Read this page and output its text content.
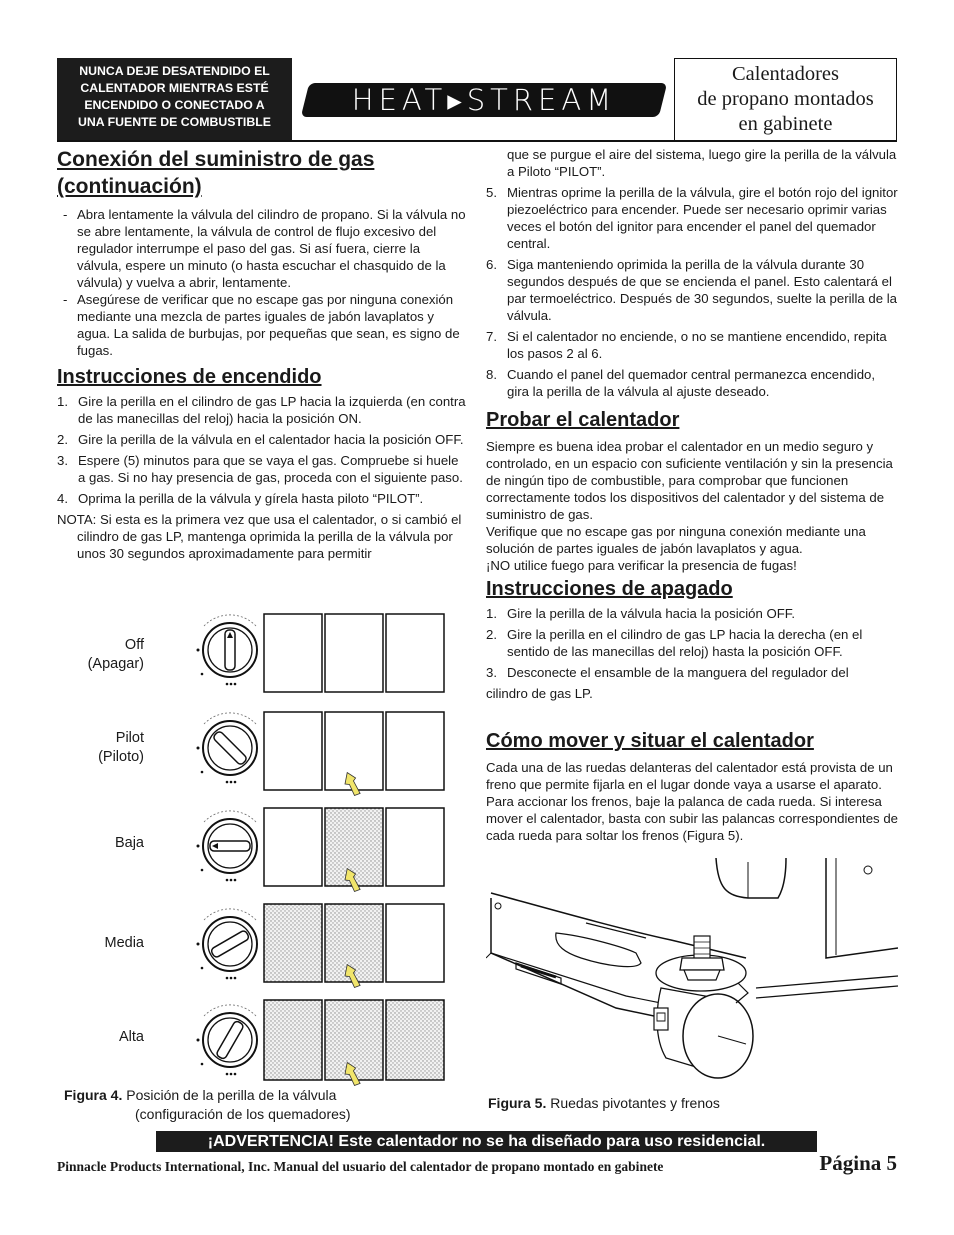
NUNCA DEJE DESATENDIDO EL
CALENTADOR MIENTRAS ESTÉ
ENCENDIDO O CONECTADO A
UNA FUENTE DE COMBUSTIBLE
HEAT▸STREAM
Calentadores
de propano montados
en gabinete
Conexión del suministro de gas
(continuación)
- Abra lentamente la válvula del cilindro de propano. Si la válvula no se abre lentamente, la válvula de control de flujo excesivo del regulador interrumpe el paso del gas. Si así fuera, cierre la válvula, espere un minuto (o hasta escuchar el chasquido de la válvula) y vuelva a abrir, lentamente.
- Asegúrese de verificar que no escape gas por ninguna conexión mediante una mezcla de partes iguales de jabón lavaplatos y agua. La salida de burbujas, por pequeñas que sean, es signo de fugas.
Instrucciones de encendido
1. Gire la perilla en el cilindro de gas LP hacia la izquierda (en contra de las manecillas del reloj) hacia la posición ON.
2. Gire la perilla de la válvula en el calentador hacia la posición OFF.
3. Espere (5) minutos para que se vaya el gas. Compruebe si huele a gas. Si no hay presencia de gas, proceda con el siguiente paso.
4. Oprima la perilla de la válvula y gírela hasta piloto “PILOT”.
NOTA: Si esta es la primera vez que usa el calentador, o si cambió el cilindro de gas LP, mantenga oprimida la perilla de la válvula por unos 30 segundos aproximadamente para permitir
Off
(Apagar)
Pilot
(Piloto)
Baja
Media
Alta
Figura 4. Posición de la perilla de la válvula
(configuración de los quemadores)
que se purgue el aire del sistema, luego gire la perilla de la válvula a Piloto “PILOT”.
5. Mientras oprime la perilla de la válvula, gire el botón rojo del ignitor piezoeléctrico para encender. Puede ser necesario oprimir varias veces el botón del ignitor para encender el panel del quemador central.
6. Siga manteniendo oprimida la perilla de la válvula durante 30 segundos después de que se encienda el panel. Esto calentará el par termoeléctrico. Después de 30 segundos, suelte la perilla de la válvula.
7. Si el calentador no enciende, o no se mantiene encendido, repita los pasos 2 al 6.
8. Cuando el panel del quemador central permanezca encendido, gira la perilla de la válvula al ajuste deseado.
Probar el calentador
Siempre es buena idea probar el calentador en un medio seguro y controlado, en un espacio con suficiente ventilación y sin la presencia de ningún tipo de combustible, para comprobar que funcionen correctamente todos los dispositivos del calentador y del sistema de suministro de gas.
Verifique que no escape gas por ninguna conexión mediante una solución de partes iguales de jabón lavaplatos y agua.
¡NO utilice fuego para verificar la presencia de fugas!
Instrucciones de apagado
1. Gire la perilla de la válvula hacia la posición OFF.
2. Gire la perilla en el cilindro de gas LP hacia la derecha (en el sentido de las manecillas del reloj) hasta la posición OFF.
3. Desconecte el ensamble de la manguera del regulador del
cilindro de gas LP.
Cómo mover y situar el calentador
Cada una de las ruedas delanteras del calentador está provista de un freno que permite fijarla en el lugar donde vaya a usarse el aparato. Para accionar los frenos, baje la palanca de cada rueda. Si interesa mover el calentador, basta con subir las palancas correspondientes de cada rueda para soltar los frenos (Figura 5).
Figura 5. Ruedas pivotantes y frenos
¡ADVERTENCIA! Este calentador no se ha diseñado para uso residencial.
Pinnacle Products International, Inc. Manual del usuario del calentador de propano montado en gabinete	Página 5
